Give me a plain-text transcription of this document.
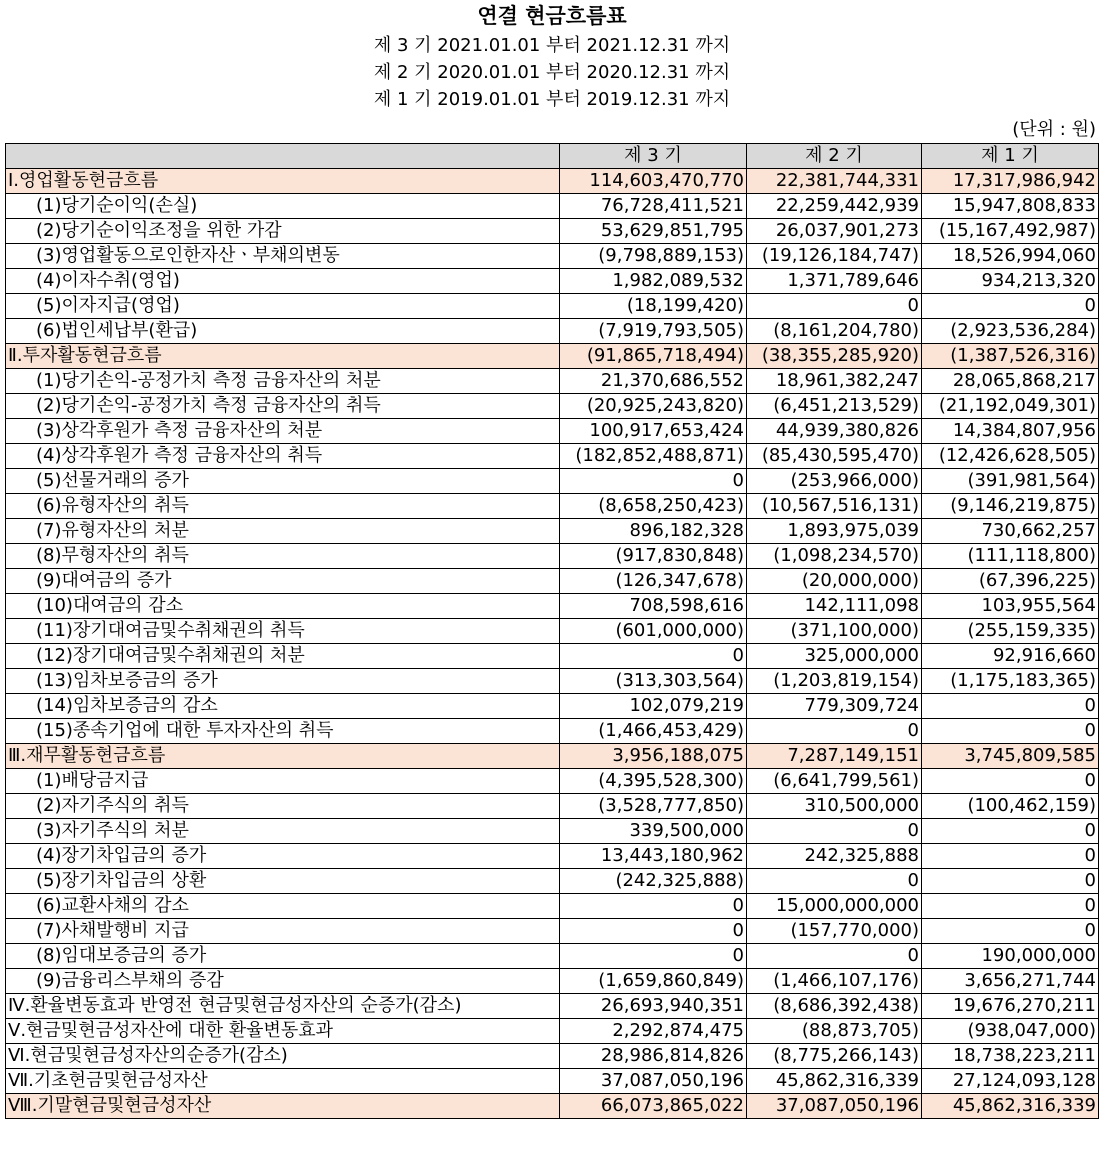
연결 현금흐름표
제 3 기 2021.01.01 부터 2021.12.31 까지
제 2 기 2020.01.01 부터 2020.12.31 까지
제 1 기 2019.01.01 부터 2019.12.31 까지
(단위 : 원)
	제 3 기	제 2 기	제 1 기
Ⅰ.영업활동현금흐름	114,603,470,770	22,381,744,331	17,317,986,942
(1)당기순이익(손실)	76,728,411,521	22,259,442,939	15,947,808,833
(2)당기순이익조정을 위한 가감	53,629,851,795	26,037,901,273	(15,167,492,987)
(3)영업활동으로인한자산ㆍ부채의변동	(9,798,889,153)	(19,126,184,747)	18,526,994,060
(4)이자수취(영업)	1,982,089,532	1,371,789,646	934,213,320
(5)이자지급(영업)	(18,199,420)	0	0
(6)법인세납부(환급)	(7,919,793,505)	(8,161,204,780)	(2,923,536,284)
Ⅱ.투자활동현금흐름	(91,865,718,494)	(38,355,285,920)	(1,387,526,316)
(1)당기손익-공정가치 측정 금융자산의 처분	21,370,686,552	18,961,382,247	28,065,868,217
(2)당기손익-공정가치 측정 금융자산의 취득	(20,925,243,820)	(6,451,213,529)	(21,192,049,301)
(3)상각후원가 측정 금융자산의 처분	100,917,653,424	44,939,380,826	14,384,807,956
(4)상각후원가 측정 금융자산의 취득	(182,852,488,871)	(85,430,595,470)	(12,426,628,505)
(5)선물거래의 증가	0	(253,966,000)	(391,981,564)
(6)유형자산의 취득	(8,658,250,423)	(10,567,516,131)	(9,146,219,875)
(7)유형자산의 처분	896,182,328	1,893,975,039	730,662,257
(8)무형자산의 취득	(917,830,848)	(1,098,234,570)	(111,118,800)
(9)대여금의 증가	(126,347,678)	(20,000,000)	(67,396,225)
(10)대여금의 감소	708,598,616	142,111,098	103,955,564
(11)장기대여금및수취채권의 취득	(601,000,000)	(371,100,000)	(255,159,335)
(12)장기대여금및수취채권의 처분	0	325,000,000	92,916,660
(13)임차보증금의 증가	(313,303,564)	(1,203,819,154)	(1,175,183,365)
(14)임차보증금의 감소	102,079,219	779,309,724	0
(15)종속기업에 대한 투자자산의 취득	(1,466,453,429)	0	0
Ⅲ.재무활동현금흐름	3,956,188,075	7,287,149,151	3,745,809,585
(1)배당금지급	(4,395,528,300)	(6,641,799,561)	0
(2)자기주식의 취득	(3,528,777,850)	310,500,000	(100,462,159)
(3)자기주식의 처분	339,500,000	0	0
(4)장기차입금의 증가	13,443,180,962	242,325,888	0
(5)장기차입금의 상환	(242,325,888)	0	0
(6)교환사채의 감소	0	15,000,000,000	0
(7)사채발행비 지급	0	(157,770,000)	0
(8)임대보증금의 증가	0	0	190,000,000
(9)금융리스부채의 증감	(1,659,860,849)	(1,466,107,176)	3,656,271,744
Ⅳ.환율변동효과 반영전 현금및현금성자산의 순증가(감소)	26,693,940,351	(8,686,392,438)	19,676,270,211
Ⅴ.현금및현금성자산에 대한 환율변동효과	2,292,874,475	(88,873,705)	(938,047,000)
Ⅵ.현금및현금성자산의순증가(감소)	28,986,814,826	(8,775,266,143)	18,738,223,211
Ⅶ.기초현금및현금성자산	37,087,050,196	45,862,316,339	27,124,093,128
Ⅷ.기말현금및현금성자산	66,073,865,022	37,087,050,196	45,862,316,339
